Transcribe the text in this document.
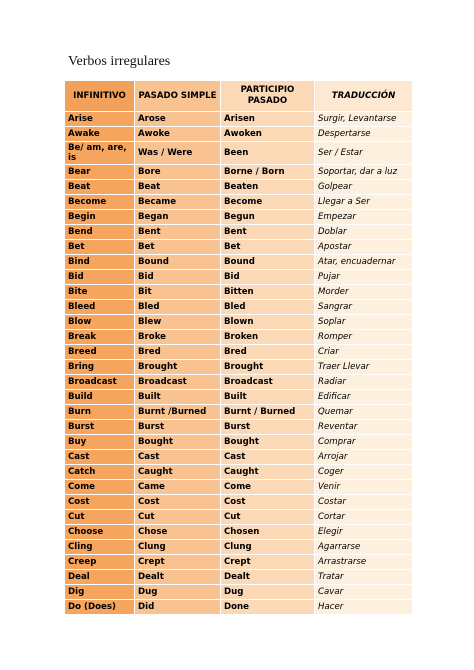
Verbos irregulares
INFINITIVO	PASADO SIMPLE	PARTICIPIO PASADO	TRADUCCIÓN
Arise	Arose	Arisen	Surgir, Levantarse
Awake	Awoke	Awoken	Despertarse
Be/ am, are, is	Was / Were	Been	Ser / Estar
Bear	Bore	Borne / Born	Soportar, dar a luz
Beat	Beat	Beaten	Golpear
Become	Became	Become	Llegar a Ser
Begin	Began	Begun	Empezar
Bend	Bent	Bent	Doblar
Bet	Bet	Bet	Apostar
Bind	Bound	Bound	Atar, encuadernar
Bid	Bid	Bid	Pujar
Bite	Bit	Bitten	Morder
Bleed	Bled	Bled	Sangrar
Blow	Blew	Blown	Soplar
Break	Broke	Broken	Romper
Breed	Bred	Bred	Criar
Bring	Brought	Brought	Traer Llevar
Broadcast	Broadcast	Broadcast	Radiar
Build	Built	Built	Edificar
Burn	Burnt /Burned	Burnt / Burned	Quemar
Burst	Burst	Burst	Reventar
Buy	Bought	Bought	Comprar
Cast	Cast	Cast	Arrojar
Catch	Caught	Caught	Coger
Come	Came	Come	Venir
Cost	Cost	Cost	Costar
Cut	Cut	Cut	Cortar
Choose	Chose	Chosen	Elegir
Cling	Clung	Clung	Agarrarse
Creep	Crept	Crept	Arrastrarse
Deal	Dealt	Dealt	Tratar
Dig	Dug	Dug	Cavar
Do (Does)	Did	Done	Hacer
